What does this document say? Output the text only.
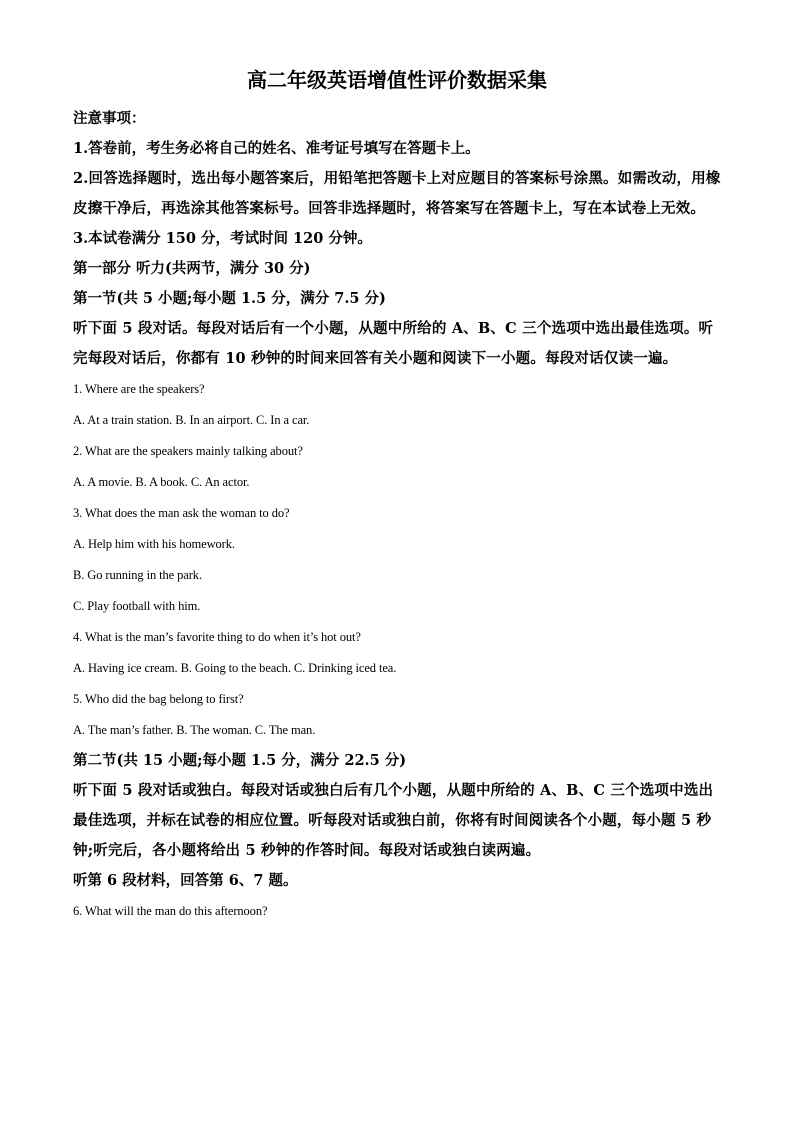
高二年级英语增值性评价数据采集

注意事项：

1.答卷前，考生务必将自己的姓名、准考证号填写在答题卡上。

2.回答选择题时，选出每小题答案后，用铅笔把答题卡上对应题目的答案标号涂黑。如需改动，用橡皮擦干净后，再选涂其他答案标号。回答非选择题时，将答案写在答题卡上，写在本试卷上无效。

3.本试卷满分 150 分，考试时间 120 分钟。

第一部分 听力(共两节，满分 30 分)

第一节(共 5 小题;每小题 1.5 分，满分 7.5 分)

听下面 5 段对话。每段对话后有一个小题，从题中所给的 A、B、C 三个选项中选出最佳选项。听完每段对话后，你都有 10 秒钟的时间来回答有关小题和阅读下一小题。每段对话仅读一遍。

1. Where are the speakers?

A. At a train station. B. In an airport. C. In a car.

2. What are the speakers mainly talking about?

A. A movie. B. A book. C. An actor.

3. What does the man ask the woman to do?

A. Help him with his homework.

B. Go running in the park.

C. Play football with him.

4. What is the man’s favorite thing to do when it’s hot out?

A. Having ice cream. B. Going to the beach. C. Drinking iced tea.

5. Who did the bag belong to first?

A. The man’s father. B. The woman. C. The man.

第二节(共 15 小题;每小题 1.5 分，满分 22.5 分)

听下面 5 段对话或独白。每段对话或独白后有几个小题，从题中所给的 A、B、C 三个选项中选出最佳选项，并标在试卷的相应位置。听每段对话或独白前，你将有时间阅读各个小题，每小题 5 秒钟;听完后，各小题将给出 5 秒钟的作答时间。每段对话或独白读两遍。

听第 6 段材料，回答第 6、7 题。

6. What will the man do this afternoon?
